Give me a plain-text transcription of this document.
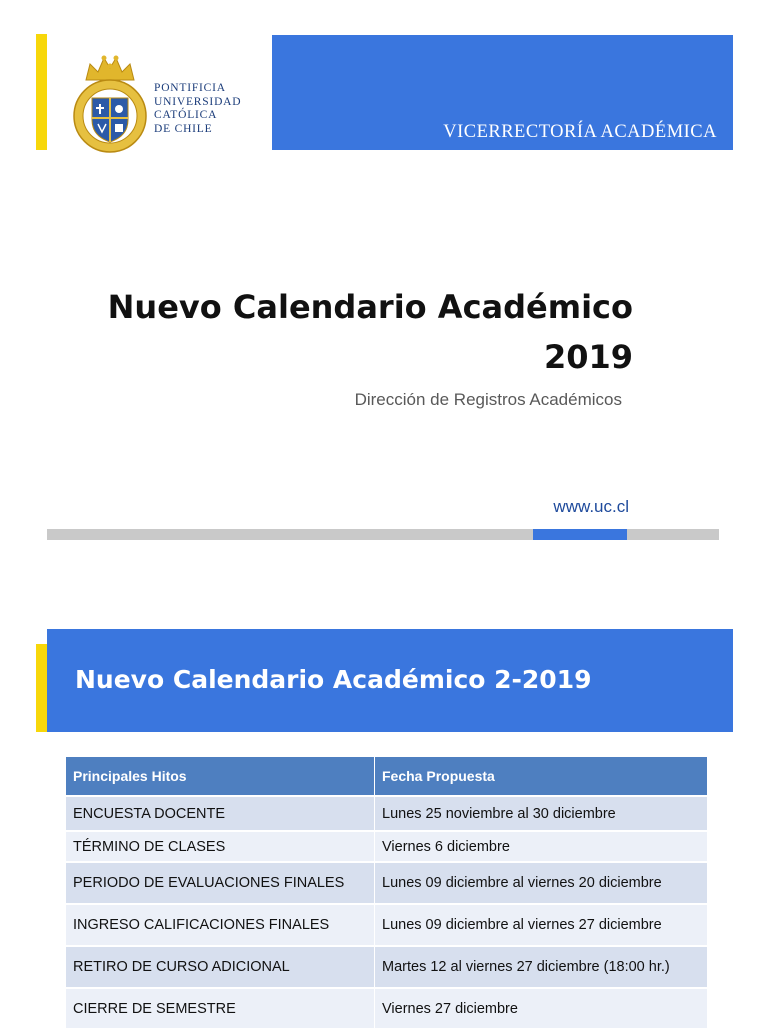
PONTIFICIA
UNIVERSIDAD
CATÓLICA
DE CHILE	VICERRECTORÍA ACADÉMICA
Nuevo Calendario Académico
2019
Dirección de Registros Académicos
www.uc.cl
Nuevo Calendario Académico 2-2019
Principales Hitos	Fecha Propuesta
ENCUESTA DOCENTE	Lunes 25 noviembre al 30 diciembre
TÉRMINO DE CLASES	Viernes 6 diciembre
PERIODO DE EVALUACIONES FINALES	Lunes 09 diciembre al viernes 20 diciembre
INGRESO CALIFICACIONES FINALES	Lunes 09 diciembre al viernes 27 diciembre
RETIRO DE CURSO ADICIONAL	Martes 12 al viernes 27 diciembre (18:00 hr.)
CIERRE DE SEMESTRE	Viernes 27 diciembre
